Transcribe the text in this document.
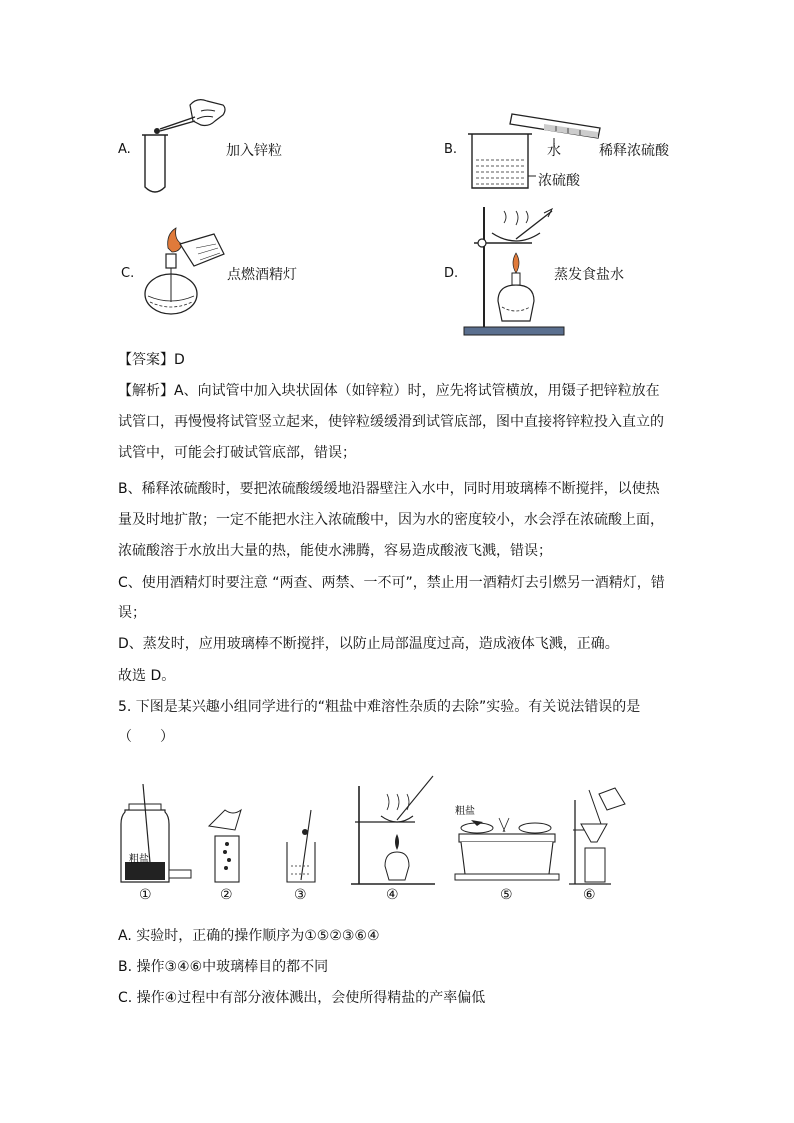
A.	加入锌粒	B.	水	稀释浓硫酸
浓硫酸
C.	点燃酒精灯	D.	蒸发食盐水
【答案】D
【解析】A、向试管中加入块状固体（如锌粒）时，应先将试管横放，用镊子把锌粒放在
试管口，再慢慢将试管竖立起来，使锌粒缓缓滑到试管底部，图中直接将锌粒投入直立的
试管中，可能会打破试管底部，错误；
B、稀释浓硫酸时，要把浓硫酸缓缓地沿器壁注入水中，同时用玻璃棒不断搅拌，以使热
量及时地扩散；一定不能把水注入浓硫酸中，因为水的密度较小，水会浮在浓硫酸上面，
浓硫酸溶于水放出大量的热，能使水沸腾，容易造成酸液飞溅，错误；
C、使用酒精灯时要注意 “两查、两禁、一不可”，禁止用一酒精灯去引燃另一酒精灯，错
误；
D、蒸发时，应用玻璃棒不断搅拌，以防止局部温度过高，造成液体飞溅，正确。
故选 D。
5. 下图是某兴趣小组同学进行的“粗盐中难溶性杂质的去除”实验。有关说法错误的是
（　　）
粗盐
粗盐
①	②	③	④	⑤	⑥
A. 实验时，正确的操作顺序为①⑤②③⑥④
B. 操作③④⑥中玻璃棒目的都不同
C. 操作④过程中有部分液体溅出，会使所得精盐的产率偏低
